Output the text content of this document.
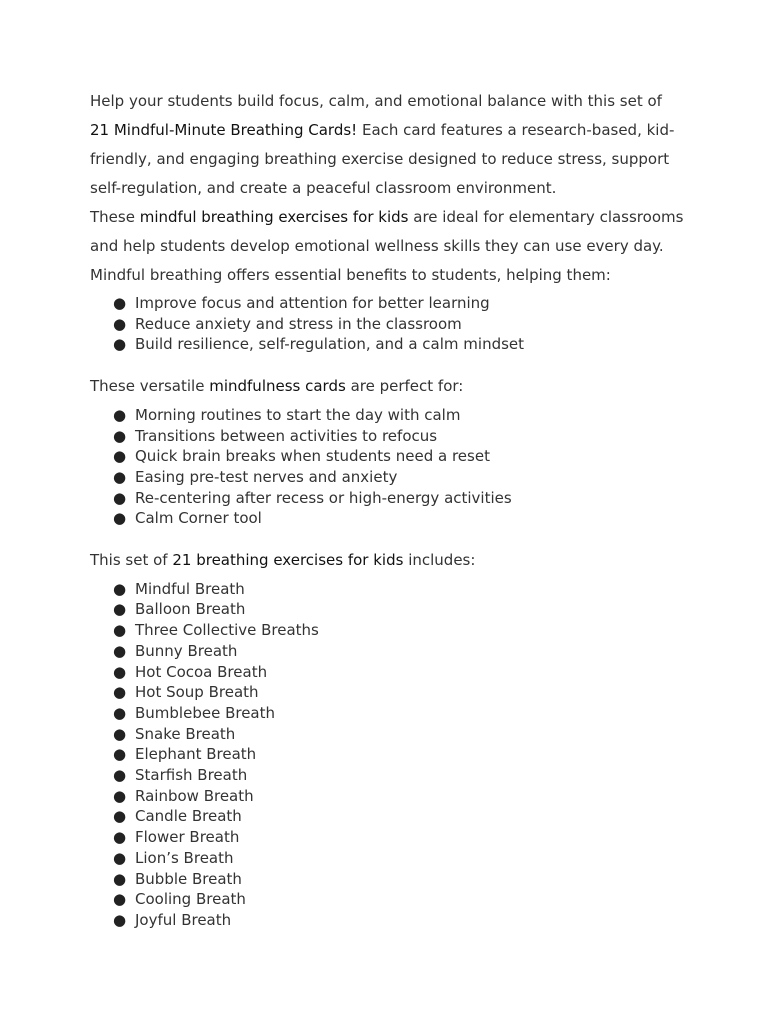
Help your students build focus, calm, and emotional balance with this set of
21 Mindful-Minute Breathing Cards! Each card features a research-based, kid-friendly, and engaging breathing exercise designed to reduce stress, support self-regulation, and create a peaceful classroom environment.

These mindful breathing exercises for kids are ideal for elementary classrooms and help students develop emotional wellness skills they can use every day.

Mindful breathing offers essential benefits to students, helping them:

● Improve focus and attention for better learning
● Reduce anxiety and stress in the classroom
● Build resilience, self-regulation, and a calm mindset

These versatile mindfulness cards are perfect for:

● Morning routines to start the day with calm
● Transitions between activities to refocus
● Quick brain breaks when students need a reset
● Easing pre-test nerves and anxiety
● Re-centering after recess or high-energy activities
● Calm Corner tool

This set of 21 breathing exercises for kids includes:

● Mindful Breath
● Balloon Breath
● Three Collective Breaths
● Bunny Breath
● Hot Cocoa Breath
● Hot Soup Breath
● Bumblebee Breath
● Snake Breath
● Elephant Breath
● Starfish Breath
● Rainbow Breath
● Candle Breath
● Flower Breath
● Lion’s Breath
● Bubble Breath
● Cooling Breath
● Joyful Breath
